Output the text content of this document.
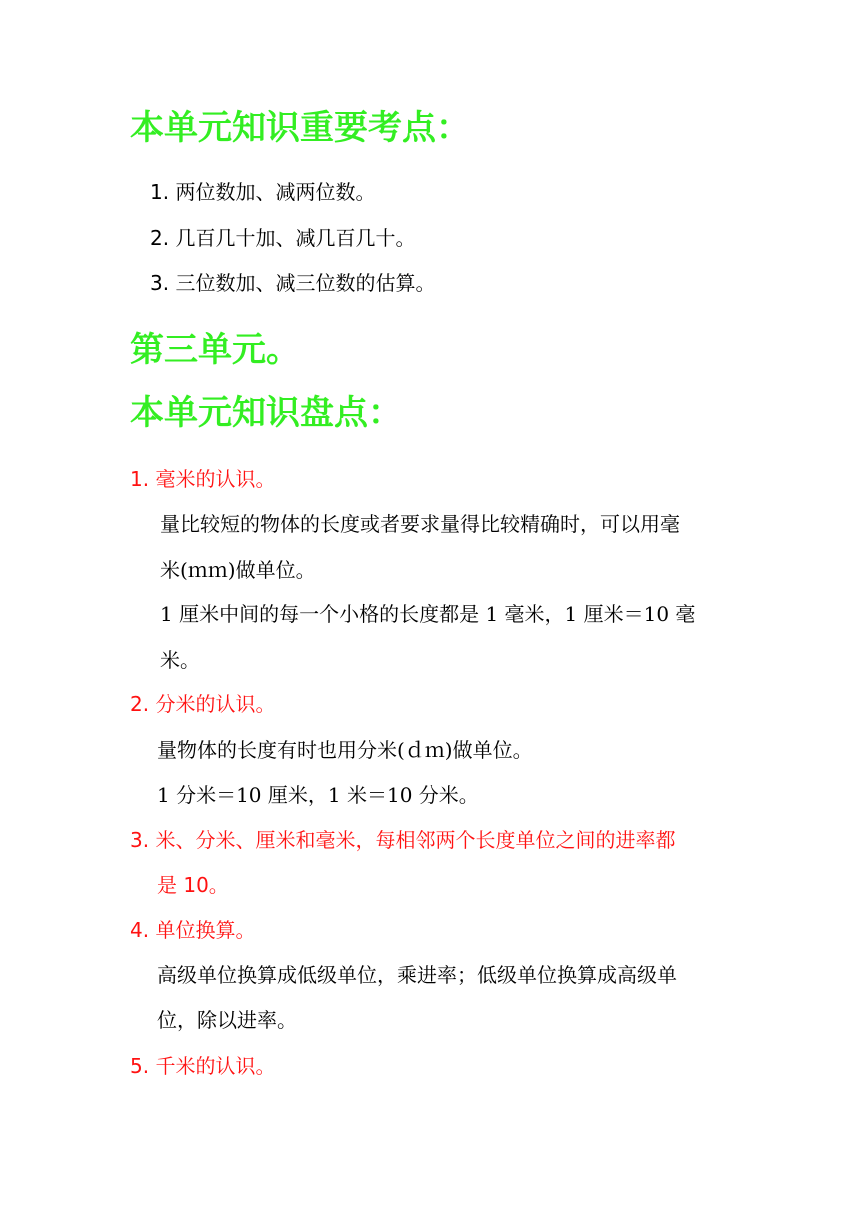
本单元知识重要考点：
1. 两位数加、减两位数。
2. 几百几十加、减几百几十。
3. 三位数加、减三位数的估算。
第三单元。
本单元知识盘点：
1. 毫米的认识。
量比较短的物体的长度或者要求量得比较精确时，可以用毫
米(ｍｍ)做单位。
1 厘米中间的每一个小格的长度都是 1 毫米，1 厘米＝10 毫
米。
2. 分米的认识。
量物体的长度有时也用分米(ｄｍ)做单位。
1 分米＝10 厘米，1 米＝10 分米。
3. 米、分米、厘米和毫米，每相邻两个长度单位之间的进率都
是 10。
4. 单位换算。
高级单位换算成低级单位，乘进率；低级单位换算成高级单
位，除以进率。
5. 千米的认识。
